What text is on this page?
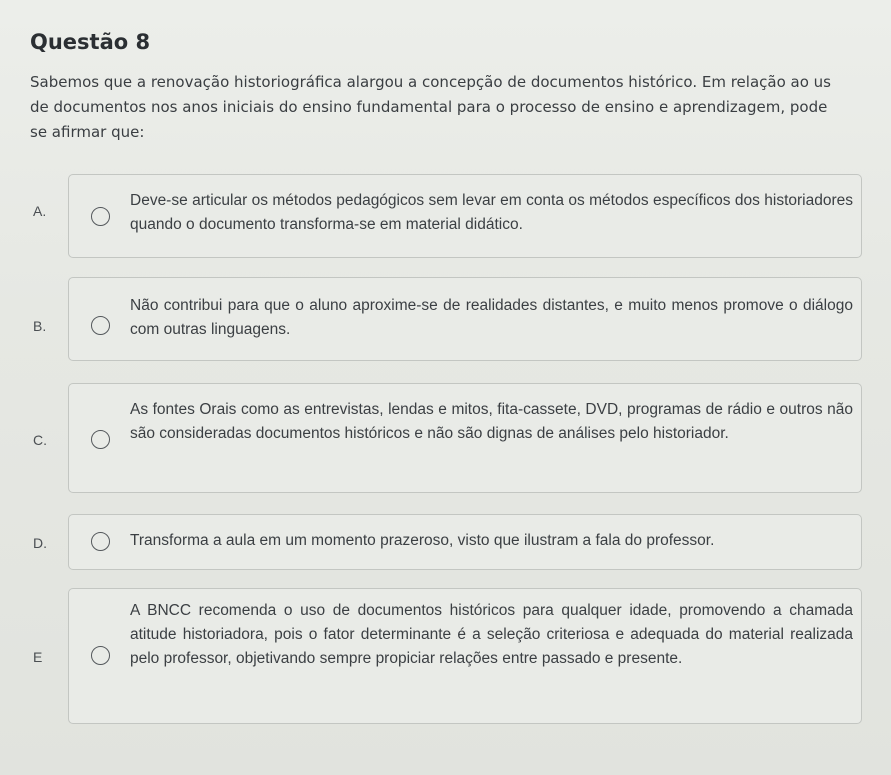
Questão 8
Sabemos que a renovação historiográfica alargou a concepção de documentos histórico. Em relação ao us
de documentos nos anos iniciais do ensino fundamental para o processo de ensino e aprendizagem, pode
se afirmar que:
A.
Deve-se articular os métodos pedagógicos sem levar em conta os métodos específicos dos historiadores quando o documento transforma-se em material didático.
B.
Não contribui para que o aluno aproxime-se de realidades distantes, e muito menos promove o diálogo com outras linguagens.
C.
As fontes Orais como as entrevistas, lendas e mitos, fita-cassete, DVD, programas de rádio e outros não são consideradas documentos históricos e não são dignas de análises pelo historiador.
D.	Transforma a aula em um momento prazeroso, visto que ilustram a fala do professor.
E
A BNCC recomenda o uso de documentos históricos para qualquer idade, promovendo a chamada atitude historiadora, pois o fator determinante é a seleção criteriosa e adequada do material realizada pelo professor, objetivando sempre propiciar relações entre passado e presente.
